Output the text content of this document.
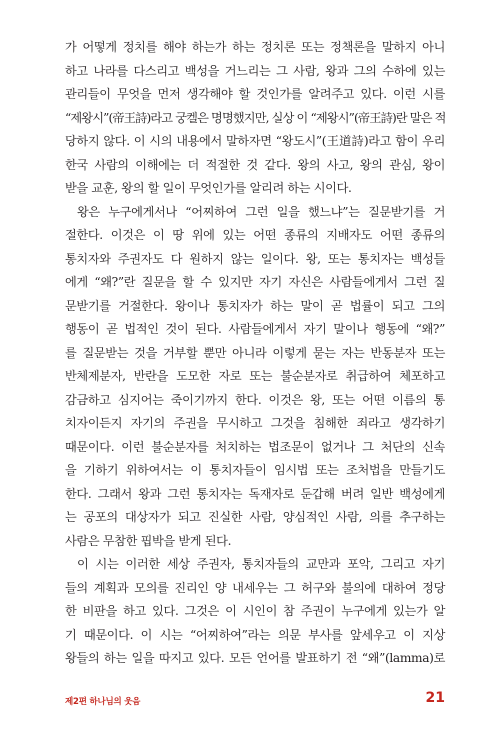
가 어떻게 정치를 해야 하는가 하는 정치론 또는 정책론을 말하지 아니
하고 나라를 다스리고 백성을 거느리는 그 사람, 왕과 그의 수하에 있는
관리들이 무엇을 먼저 생각해야 할 것인가를 알려주고 있다. 이런 시를
“제왕시”(帝王詩)라고 궁켈은 명명했지만, 실상 이 “제왕시”(帝王詩)란 말은 적
당하지 않다. 이 시의 내용에서 말하자면 “왕도시”(王道詩)라고 함이 우리
한국 사람의 이해에는 더 적절한 것 같다. 왕의 사고, 왕의 관심, 왕이
받을 교훈, 왕의 할 일이 무엇인가를 알리려 하는 시이다.
왕은 누구에게서나 “어찌하여 그런 일을 했느냐”는 질문받기를 거
절한다. 이것은 이 땅 위에 있는 어떤 종류의 지배자도 어떤 종류의
통치자와 주권자도 다 원하지 않는 일이다. 왕, 또는 통치자는 백성들
에게 “왜?”란 질문을 할 수 있지만 자기 자신은 사람들에게서 그런 질
문받기를 거절한다. 왕이나 통치자가 하는 말이 곧 법률이 되고 그의
행동이 곧 법적인 것이 된다. 사람들에게서 자기 말이나 행동에 “왜?”
를 질문받는 것을 거부할 뿐만 아니라 이렇게 묻는 자는 반동분자 또는
반체제분자, 반란을 도모한 자로 또는 불순분자로 취급하여 체포하고
감금하고 심지어는 죽이기까지 한다. 이것은 왕, 또는 어떤 이름의 통
치자이든지 자기의 주권을 무시하고 그것을 침해한 죄라고 생각하기
때문이다. 이런 불순분자를 처치하는 법조문이 없거나 그 처단의 신속
을 기하기 위하여서는 이 통치자들이 임시법 또는 조처법을 만들기도
한다. 그래서 왕과 그런 통치자는 독재자로 둔갑해 버려 일반 백성에게
는 공포의 대상자가 되고 진실한 사람, 양심적인 사람, 의를 추구하는
사람은 무참한 핍박을 받게 된다.
이 시는 이러한 세상 주권자, 통치자들의 교만과 포악, 그리고 자기
들의 계획과 모의를 진리인 양 내세우는 그 허구와 불의에 대하여 정당
한 비판을 하고 있다. 그것은 이 시인이 참 주권이 누구에게 있는가 알
기 때문이다. 이 시는 “어찌하여”라는 의문 부사를 앞세우고 이 지상
왕들의 하는 일을 따지고 있다. 모든 언어를 발표하기 전 “왜”(lamma)로
제2편 하나님의 웃음	21
